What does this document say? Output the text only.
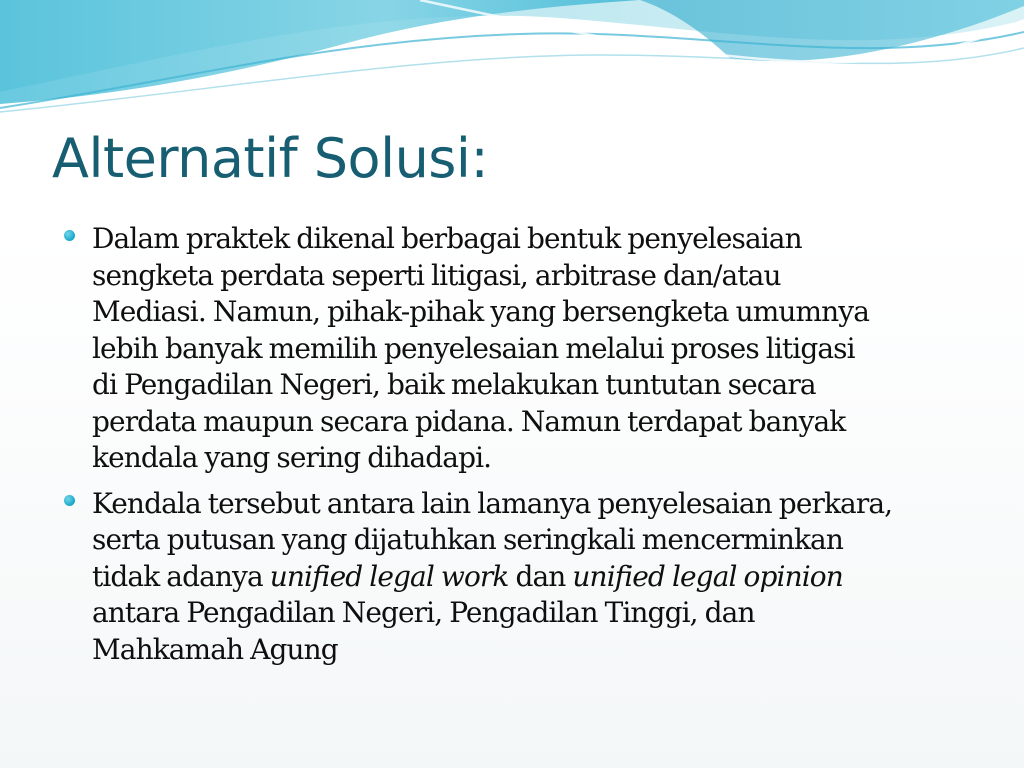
Alternatif Solusi:
Dalam praktek dikenal berbagai bentuk penyelesaian
sengketa perdata seperti litigasi, arbitrase dan/atau
Mediasi. Namun, pihak-pihak yang bersengketa umumnya
lebih banyak memilih penyelesaian melalui proses litigasi
di Pengadilan Negeri, baik melakukan tuntutan secara
perdata maupun secara pidana. Namun terdapat banyak
kendala yang sering dihadapi.
Kendala tersebut antara lain lamanya penyelesaian perkara,
serta putusan yang dijatuhkan seringkali mencerminkan
tidak adanya unified legal work dan unified legal opinion
antara Pengadilan Negeri, Pengadilan Tinggi, dan
Mahkamah Agung
